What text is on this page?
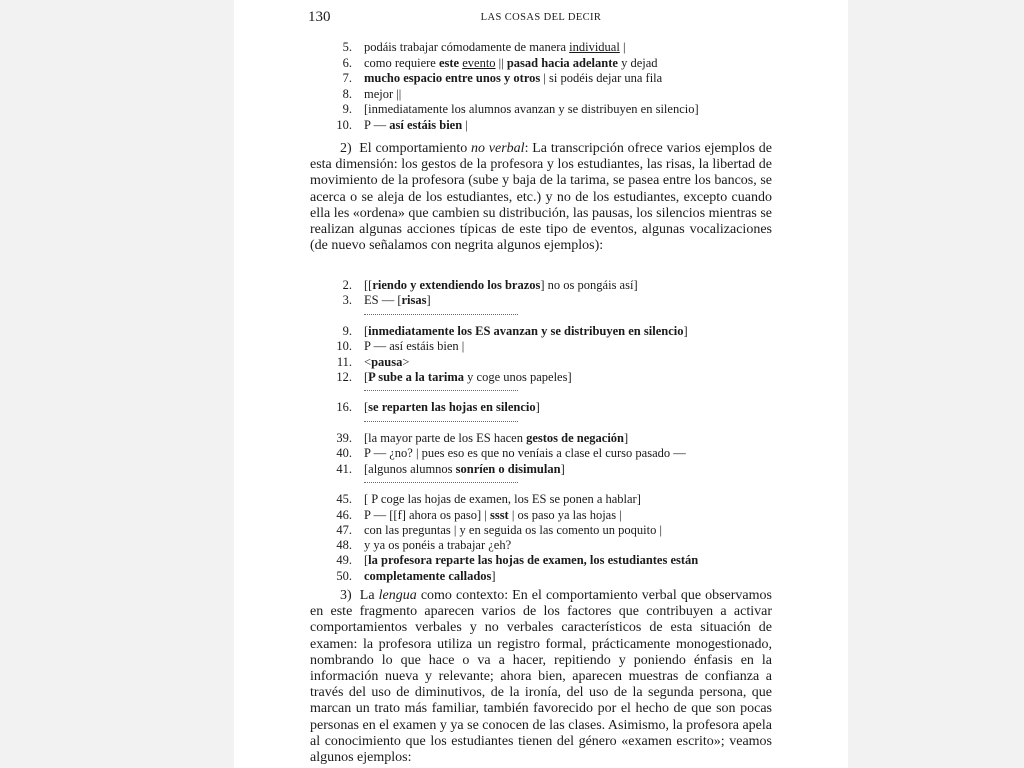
130	LAS COSAS DEL DECIR
5. podáis trabajar cómodamente de manera individual |
6. como requiere este evento || pasad hacia adelante y dejad
7. mucho espacio entre unos y otros | si podéis dejar una fila
8. mejor ||
9. [inmediatamente los alumnos avanzan y se distribuyen en silencio]
10. P — así estáis bien |
2)  El comportamiento no verbal: La transcripción ofrece varios ejemplos de esta dimensión: los gestos de la profesora y los estudiantes, las risas, la libertad de movimiento de la profesora (sube y baja de la tarima, se pasea entre los bancos, se acerca o se aleja de los estudiantes, etc.) y no de los estudiantes, excepto cuando ella les «ordena» que cambien su distribución, las pausas, los silencios mientras se realizan algunas acciones típicas de este tipo de eventos, algunas vocalizaciones (de nuevo señalamos con negrita algunos ejemplos):
2. [[riendo y extendiendo los brazos] no os pongáis así]
3. ES — [risas]
9. [inmediatamente los ES avanzan y se distribuyen en silencio]
10. P — así estáis bien |
11. <pausa>
12. [P sube a la tarima y coge unos papeles]
16. [se reparten las hojas en silencio]
39. [la mayor parte de los ES hacen gestos de negación]
40. P — ¿no? | pues eso es que no veníais a clase el curso pasado —
41. [algunos alumnos sonríen o disimulan]
45. [ P coge las hojas de examen, los ES se ponen a hablar]
46. P — [[f] ahora os paso] | ssst | os paso ya las hojas |
47. con las preguntas | y en seguida os las comento un poquito |
48. y ya os ponéis a trabajar ¿eh?
49. [la profesora reparte las hojas de examen, los estudiantes están
50. completamente callados]
3)  La lengua como contexto: En el comportamiento verbal que observamos en este fragmento aparecen varios de los factores que contribuyen a activar comportamientos verbales y no verbales característicos de esta situación de examen: la profesora utiliza un registro formal, prácticamente monogestionado, nombrando lo que hace o va a hacer, repitiendo y poniendo énfasis en la información nueva y relevante; ahora bien, aparecen muestras de confianza a través del uso de diminutivos, de la ironía, del uso de la segunda persona, que marcan un trato más familiar, también favorecido por el hecho de que son pocas personas en el examen y ya se conocen de las clases. Asimismo, la profesora apela al conocimiento que los estudiantes tienen del género «examen escrito»; veamos algunos ejemplos:
